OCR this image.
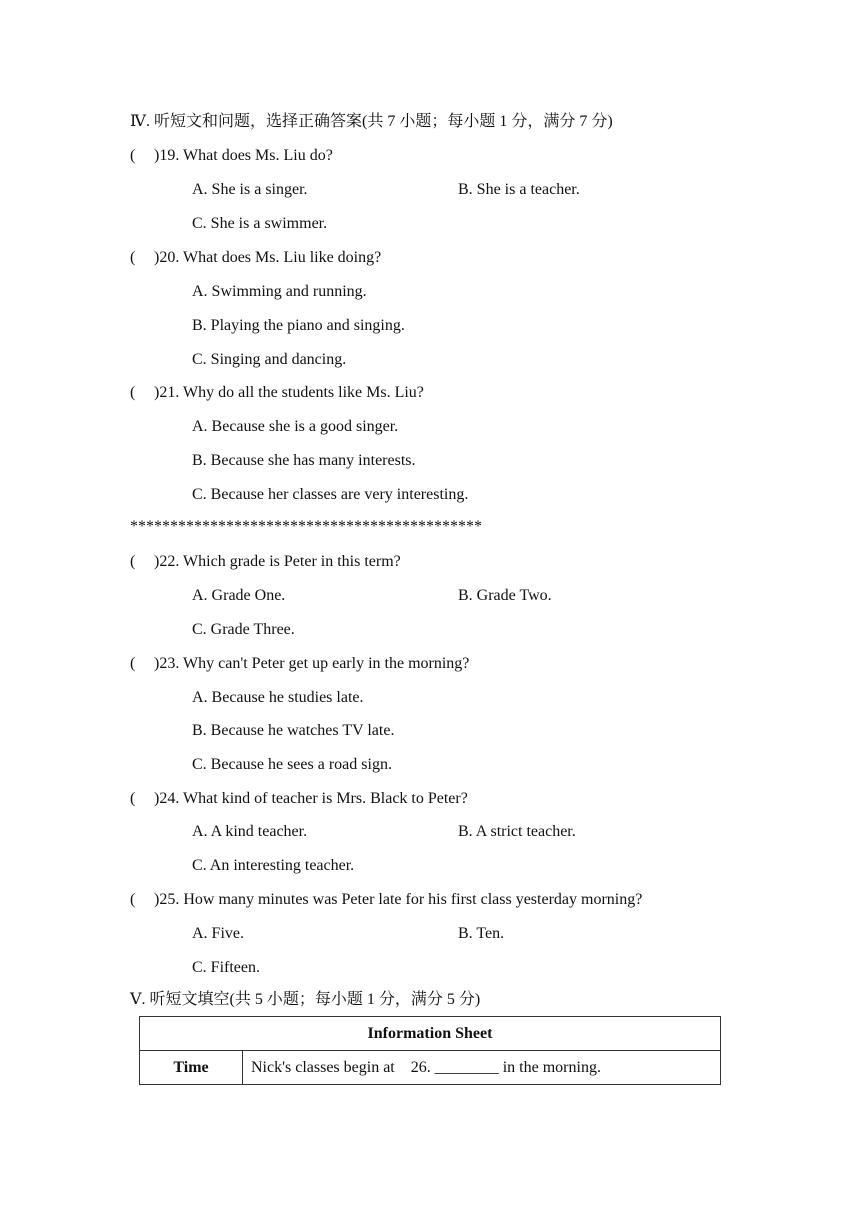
Ⅳ. 听短文和问题，选择正确答案(共 7 小题；每小题 1 分，满分 7 分)
( )19. What does Ms. Liu do?
A. She is a singer.	B. She is a teacher.
C. She is a swimmer.
( )20. What does Ms. Liu like doing?
A. Swimming and running.
B. Playing the piano and singing.
C. Singing and dancing.
( )21. Why do all the students like Ms. Liu?
A. Because she is a good singer.
B. Because she has many interests.
C. Because her classes are very interesting.
********************************************
( )22. Which grade is Peter in this term?
A. Grade One.	B. Grade Two.
C. Grade Three.
( )23. Why can't Peter get up early in the morning?
A. Because he studies late.
B. Because he watches TV late.
C. Because he sees a road sign.
( )24. What kind of teacher is Mrs. Black to Peter?
A. A kind teacher.	B. A strict teacher.
C. An interesting teacher.
( )25. How many minutes was Peter late for his first class yesterday morning?
A. Five.	B. Ten.
C. Fifteen.
Ⅴ. 听短文填空(共 5 小题；每小题 1 分，满分 5 分)
Information Sheet
Time	Nick's classes begin at    26. ________ in the morning.
